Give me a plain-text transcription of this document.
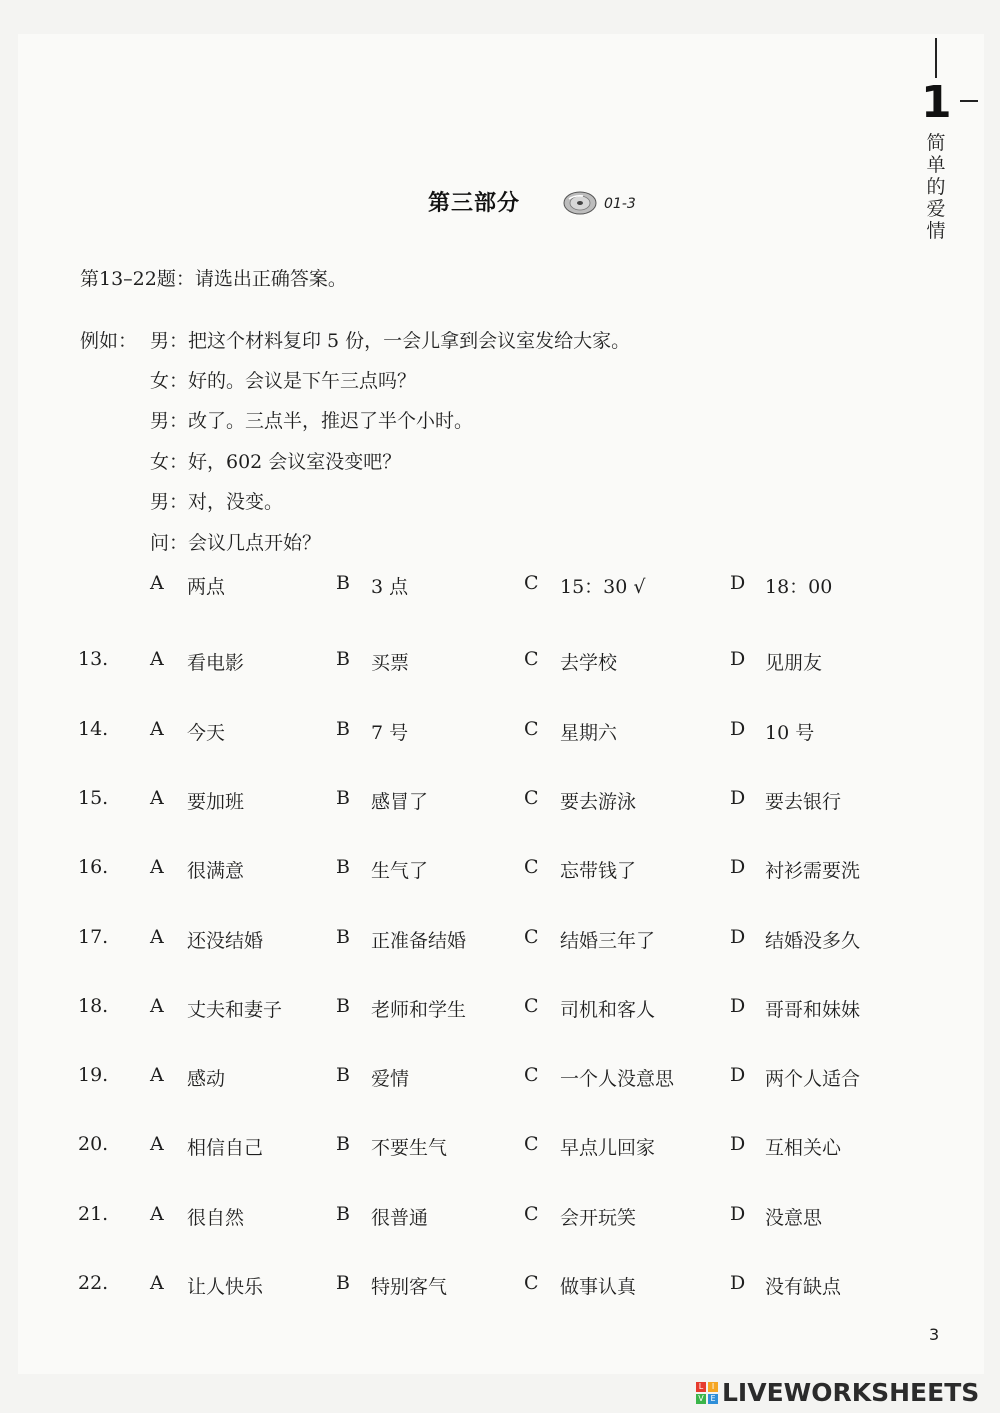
1
简
单
的
爱
情
第三部分	01-3
第13–22题：请选出正确答案。
例如： 男：把这个材料复印 5 份，一会儿拿到会议室发给大家。
女：好的。会议是下午三点吗？
男：改了。三点半，推迟了半个小时。
女：好，602 会议室没变吧？
男：对，没变。
问：会议几点开始？
A 两点	B 3 点	C 15：30 √	D 18：00
13. A 看电影	B 买票	C 去学校	D 见朋友
14. A 今天	B 7 号	C 星期六	D 10 号
15. A 要加班	B 感冒了	C 要去游泳	D 要去银行
16. A 很满意	B 生气了	C 忘带钱了	D 衬衫需要洗
17. A 还没结婚	B 正准备结婚	C 结婚三年了	D 结婚没多久
18. A 丈夫和妻子	B 老师和学生	C 司机和客人	D 哥哥和妹妹
19. A 感动	B 爱情	C 一个人没意思	D 两个人适合
20. A 相信自己	B 不要生气	C 早点儿回家	D 互相关心
21. A 很自然	B 很普通	C 会开玩笑	D 没意思
22. A 让人快乐	B 特别客气	C 做事认真	D 没有缺点
3
L	I
V E LIVEWORKSHEETS
